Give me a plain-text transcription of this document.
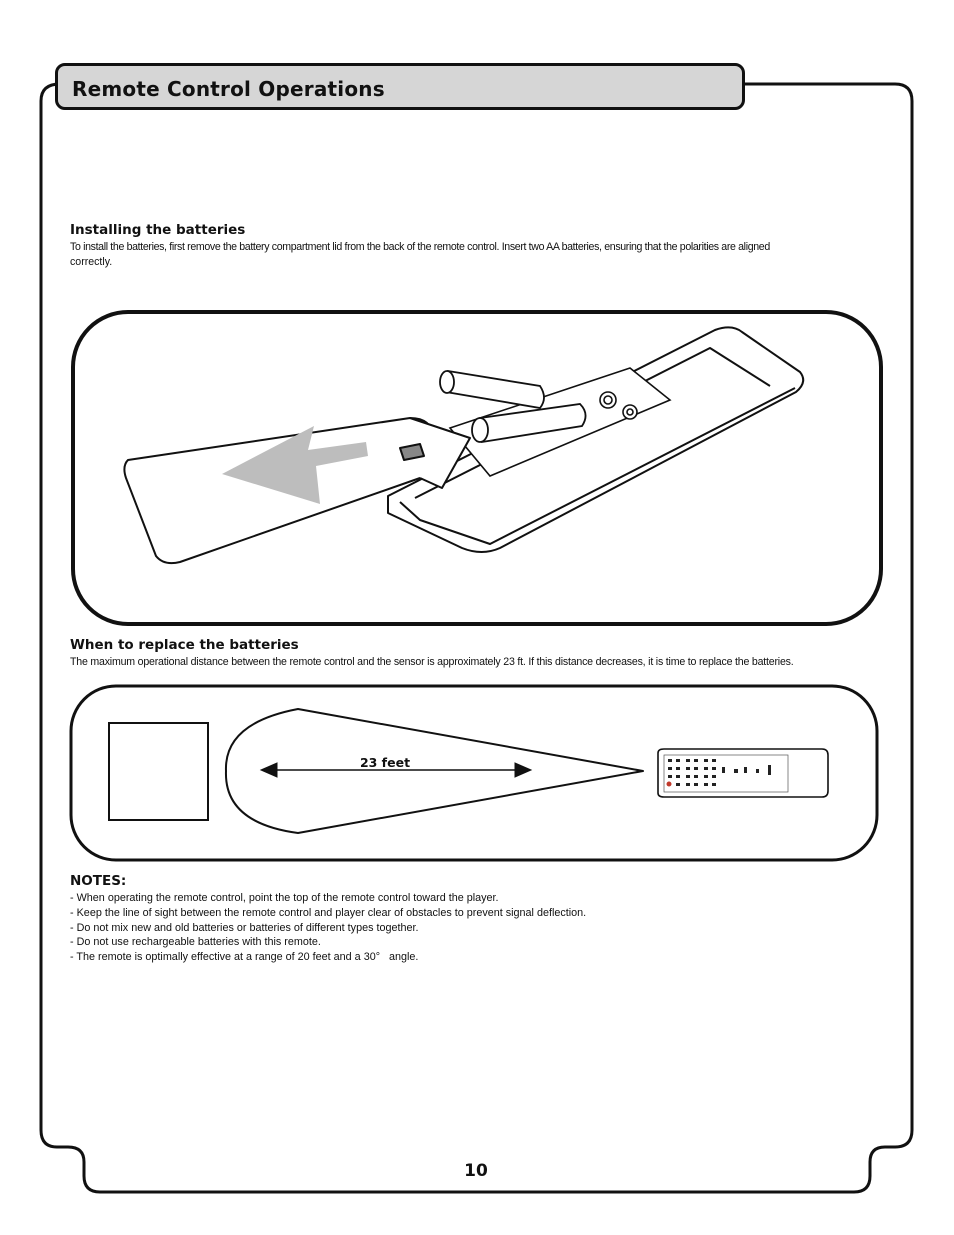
Remote Control Operations
Installing the batteries
To install the batteries, first remove the battery compartment lid from the back of the remote control. Insert two AA batteries, ensuring that the polarities are aligned
correctly.
When to replace the batteries
The maximum operational distance between the remote control and the sensor is approximately 23 ft. If this distance decreases, it is time to replace the batteries.
23 feet
NOTES:
- When operating the remote control, point the top of the remote control toward the player.
- Keep the line of sight between the remote control and player clear of obstacles to prevent signal deflection.
- Do not mix new and old batteries or batteries of different types together.
- Do not use rechargeable batteries with this remote.
- The remote is optimally effective at a range of 20 feet and a 30°   angle.
10
